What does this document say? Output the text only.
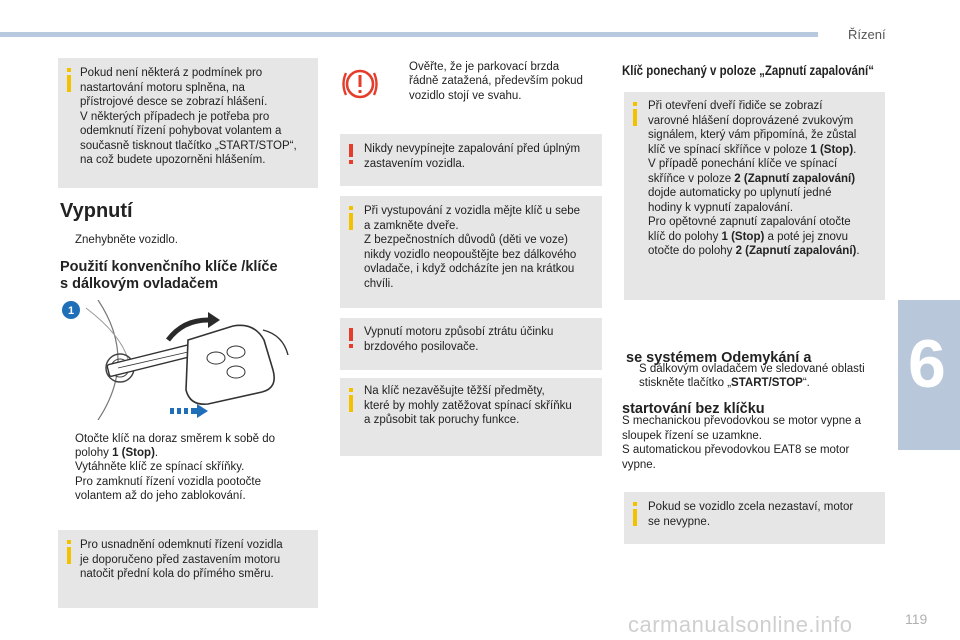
Řízení
6

Pokud není některá z podmínek pro

nastartování motoru splněna, na

přístrojové desce se zobrazí hlášení.

V některých případech je potřeba pro

odemknutí řízení pohybovat volantem a

současně tisknout tlačítko „START/STOP“,

na což budete upozorněni hlášením.

Vypnutí
Znehybněte vozidlo.
Použití konvenčního klíče /klíče
s dálkovým ovladačem
1
Otočte klíč na doraz směrem k sobě do
polohy 1 (Stop).
Vytáhněte klíč ze spínací skříňky.
Pro zamknutí řízení vozidla pootočte
volantem až do jeho zablokování.

Pro usnadnění odemknutí řízení vozidla

je doporučeno před zastavením motoru

natočit přední kola do přímého směru.

Ověřte, že je parkovací brzda
řádně zatažená, především pokud
vozidlo stojí ve svahu.

Nikdy nevypínejte zapalování před úplným

zastavením vozidla.

Při vystupování z vozidla mějte klíč u sebe

a zamkněte dveře.

Z bezpečnostních důvodů (děti ve voze)

nikdy vozidlo neopouštějte bez dálkového

ovladače, i když odcházíte jen na krátkou

chvíli.

Vypnutí motoru způsobí ztrátu účinku

brzdového posilovače.

Na klíč nezavěšujte těžší předměty,

které by mohly zatěžovat spínací skříňku

a způsobit tak poruchy funkce.

Klíč ponechaný v poloze „Zapnutí zapalování“

Při otevření dveří řidiče se zobrazí

varovné hlášení doprovázené zvukovým

signálem, který vám připomíná, že zůstal

klíč ve spínací skříňce v poloze 1 (Stop).

V případě ponechání klíče ve spínací

skříňce v poloze 2 (Zapnutí zapalování)

dojde automaticky po uplynutí jedné

hodiny k vypnutí zapalování.

Pro opětovné zapnutí zapalování otočte

klíč do polohy 1 (Stop) a poté jej znovu

otočte do polohy 2 (Zapnutí zapalování).

se systémem Odemykání a

startování bez klíčku

S dálkovým ovladačem ve sledované oblasti
stiskněte tlačítko „START/STOP“.

S mechanickou převodovkou se motor vypne a

sloupek řízení se uzamkne.

S automatickou převodovkou EAT8 se motor

vypne.

Pokud se vozidlo zcela nezastaví, motor

se nevypne.

carmanualsonline.info	119
